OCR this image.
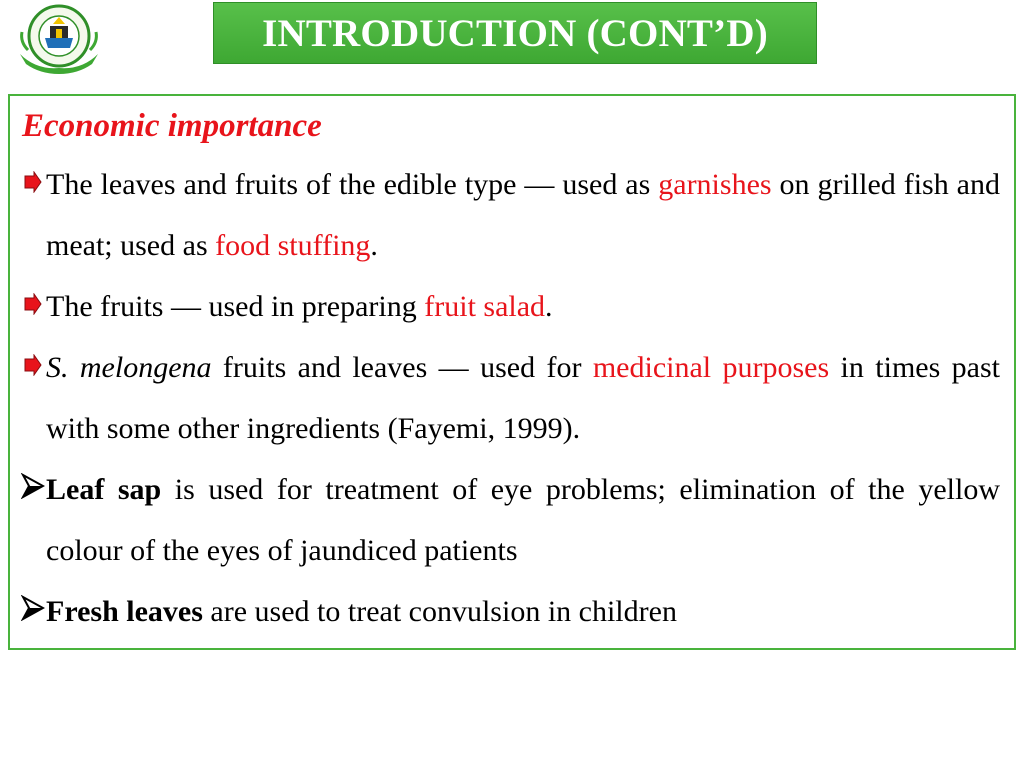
INTRODUCTION (CONT’D)
Economic importance
The leaves and fruits of the edible type — used as garnishes on grilled fish and meat; used as food stuffing.
The fruits — used in preparing fruit salad.
S. melongena fruits and leaves — used for medicinal purposes in times past with some other ingredients (Fayemi, 1999).
Leaf sap is used for treatment of eye problems; elimination of the yellow colour of the eyes of jaundiced patients
Fresh leaves are used to treat convulsion in children
